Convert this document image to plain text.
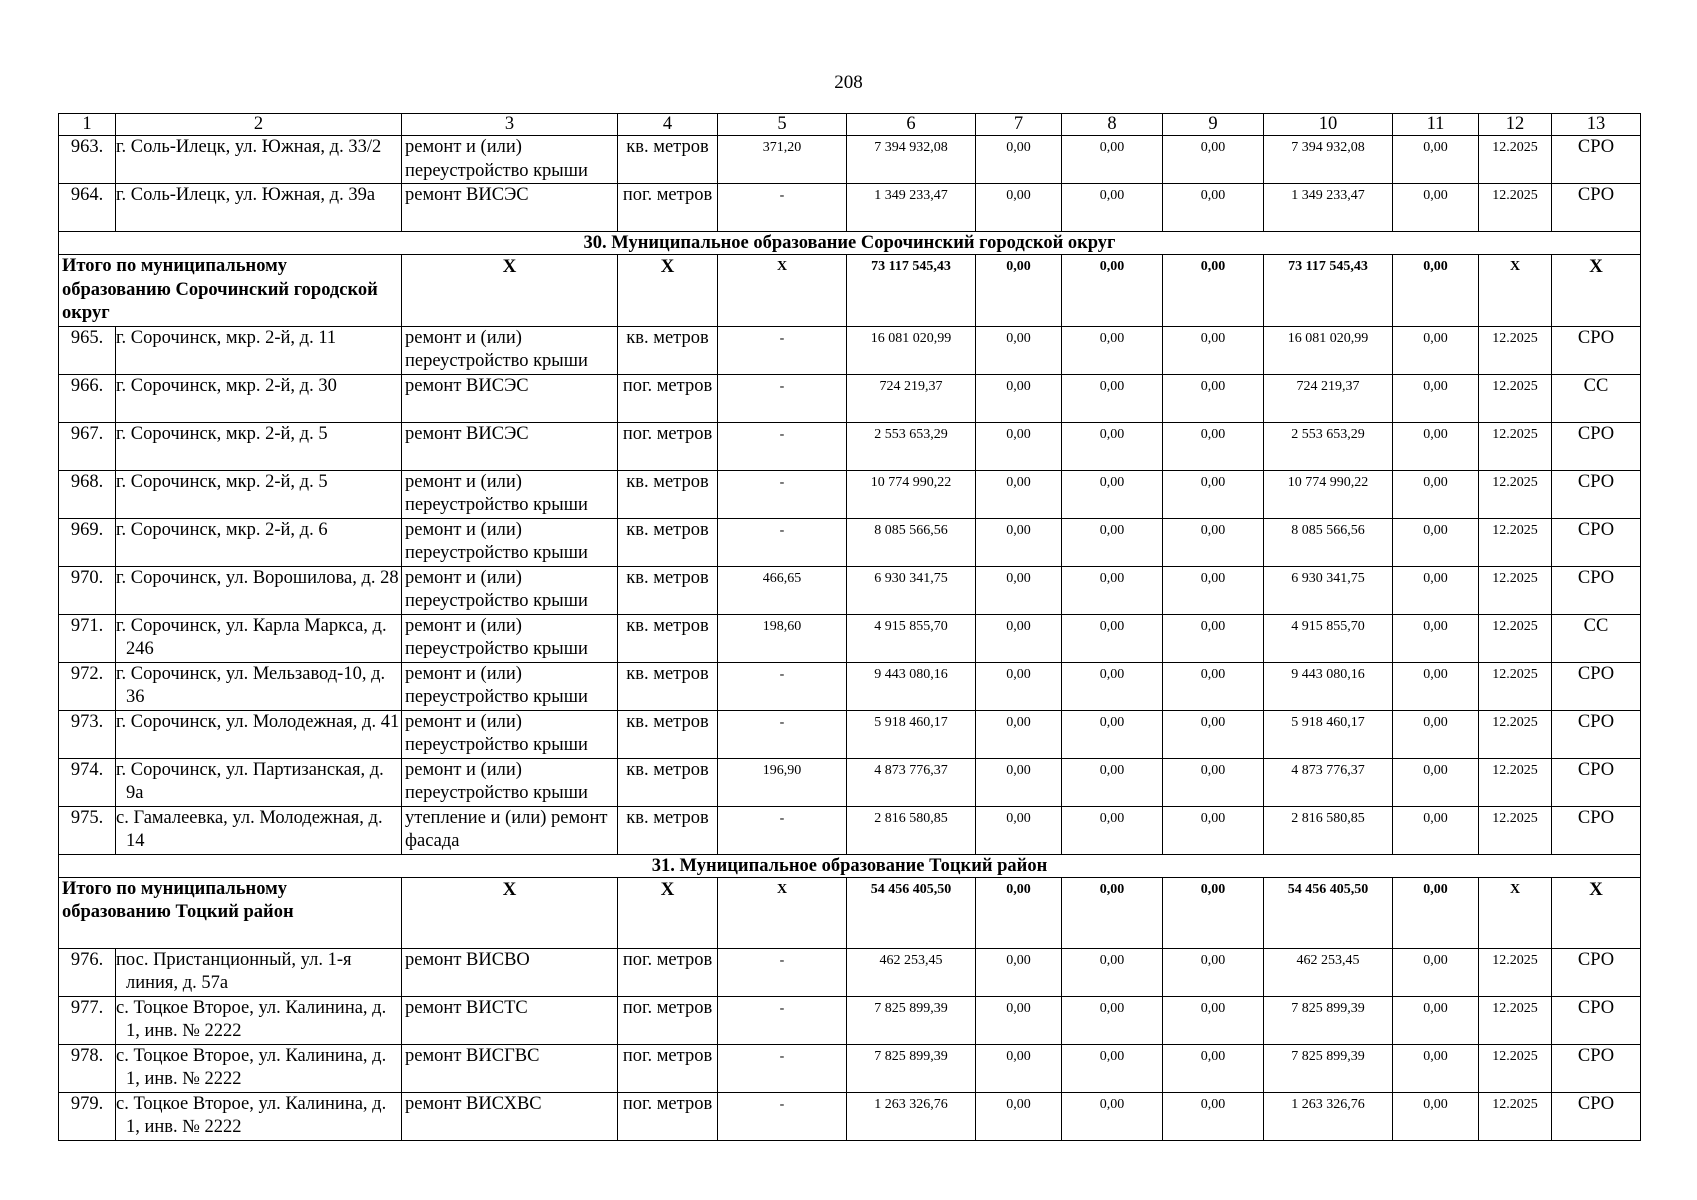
208
1	2	3	4	5	6	7	8	9	10	11	12	13
963.	г. Соль-Илецк, ул. Южная, д. 33/2	ремонт и (или) переустройство крыши	кв. метров	371,20	7 394 932,08	0,00	0,00	0,00	7 394 932,08	0,00	12.2025	СРО
964.	г. Соль-Илецк, ул. Южная, д. 39а	ремонт ВИСЭС	пог. метров	-	1 349 233,47	0,00	0,00	0,00	1 349 233,47	0,00	12.2025	СРО
30. Муниципальное образование Сорочинский городской округ												
Итого по муниципальному образованию Сорочинский городской округ		X	X	X	73 117 545,43	0,00	0,00	0,00	73 117 545,43	0,00	X	X
965.	г. Сорочинск, мкр. 2-й, д. 11	ремонт и (или) переустройство крыши	кв. метров	-	16 081 020,99	0,00	0,00	0,00	16 081 020,99	0,00	12.2025	СРО
966.	г. Сорочинск, мкр. 2-й, д. 30	ремонт ВИСЭС	пог. метров	-	724 219,37	0,00	0,00	0,00	724 219,37	0,00	12.2025	СС
967.	г. Сорочинск, мкр. 2-й, д. 5	ремонт ВИСЭС	пог. метров	-	2 553 653,29	0,00	0,00	0,00	2 553 653,29	0,00	12.2025	СРО
968.	г. Сорочинск, мкр. 2-й, д. 5	ремонт и (или) переустройство крыши	кв. метров	-	10 774 990,22	0,00	0,00	0,00	10 774 990,22	0,00	12.2025	СРО
969.	г. Сорочинск, мкр. 2-й, д. 6	ремонт и (или) переустройство крыши	кв. метров	-	8 085 566,56	0,00	0,00	0,00	8 085 566,56	0,00	12.2025	СРО
970.	г. Сорочинск, ул. Ворошилова, д. 28	ремонт и (или) переустройство крыши	кв. метров	466,65	6 930 341,75	0,00	0,00	0,00	6 930 341,75	0,00	12.2025	СРО
971.	г. Сорочинск, ул. Карла Маркса, д. 246	ремонт и (или) переустройство крыши	кв. метров	198,60	4 915 855,70	0,00	0,00	0,00	4 915 855,70	0,00	12.2025	СС
972.	г. Сорочинск, ул. Мельзавод-10, д. 36	ремонт и (или) переустройство крыши	кв. метров	-	9 443 080,16	0,00	0,00	0,00	9 443 080,16	0,00	12.2025	СРО
973.	г. Сорочинск, ул. Молодежная, д. 41	ремонт и (или) переустройство крыши	кв. метров	-	5 918 460,17	0,00	0,00	0,00	5 918 460,17	0,00	12.2025	СРО
974.	г. Сорочинск, ул. Партизанская, д. 9а	ремонт и (или) переустройство крыши	кв. метров	196,90	4 873 776,37	0,00	0,00	0,00	4 873 776,37	0,00	12.2025	СРО
975.	с. Гамалеевка, ул. Молодежная, д. 14	утепление и (или) ремонт фасада	кв. метров	-	2 816 580,85	0,00	0,00	0,00	2 816 580,85	0,00	12.2025	СРО
31. Муниципальное образование Тоцкий район												
Итого по муниципальному образованию Тоцкий район		X	X	X	54 456 405,50	0,00	0,00	0,00	54 456 405,50	0,00	X	X
976.	пос. Пристанционный, ул. 1-я линия, д. 57а	ремонт ВИСВО	пог. метров	-	462 253,45	0,00	0,00	0,00	462 253,45	0,00	12.2025	СРО
977.	с. Тоцкое Второе, ул. Калинина, д. 1, инв. № 2222	ремонт ВИСТС	пог. метров	-	7 825 899,39	0,00	0,00	0,00	7 825 899,39	0,00	12.2025	СРО
978.	с. Тоцкое Второе, ул. Калинина, д. 1, инв. № 2222	ремонт ВИСГВС	пог. метров	-	7 825 899,39	0,00	0,00	0,00	7 825 899,39	0,00	12.2025	СРО
979.	с. Тоцкое Второе, ул. Калинина, д. 1, инв. № 2222	ремонт ВИСХВС	пог. метров	-	1 263 326,76	0,00	0,00	0,00	1 263 326,76	0,00	12.2025	СРО
